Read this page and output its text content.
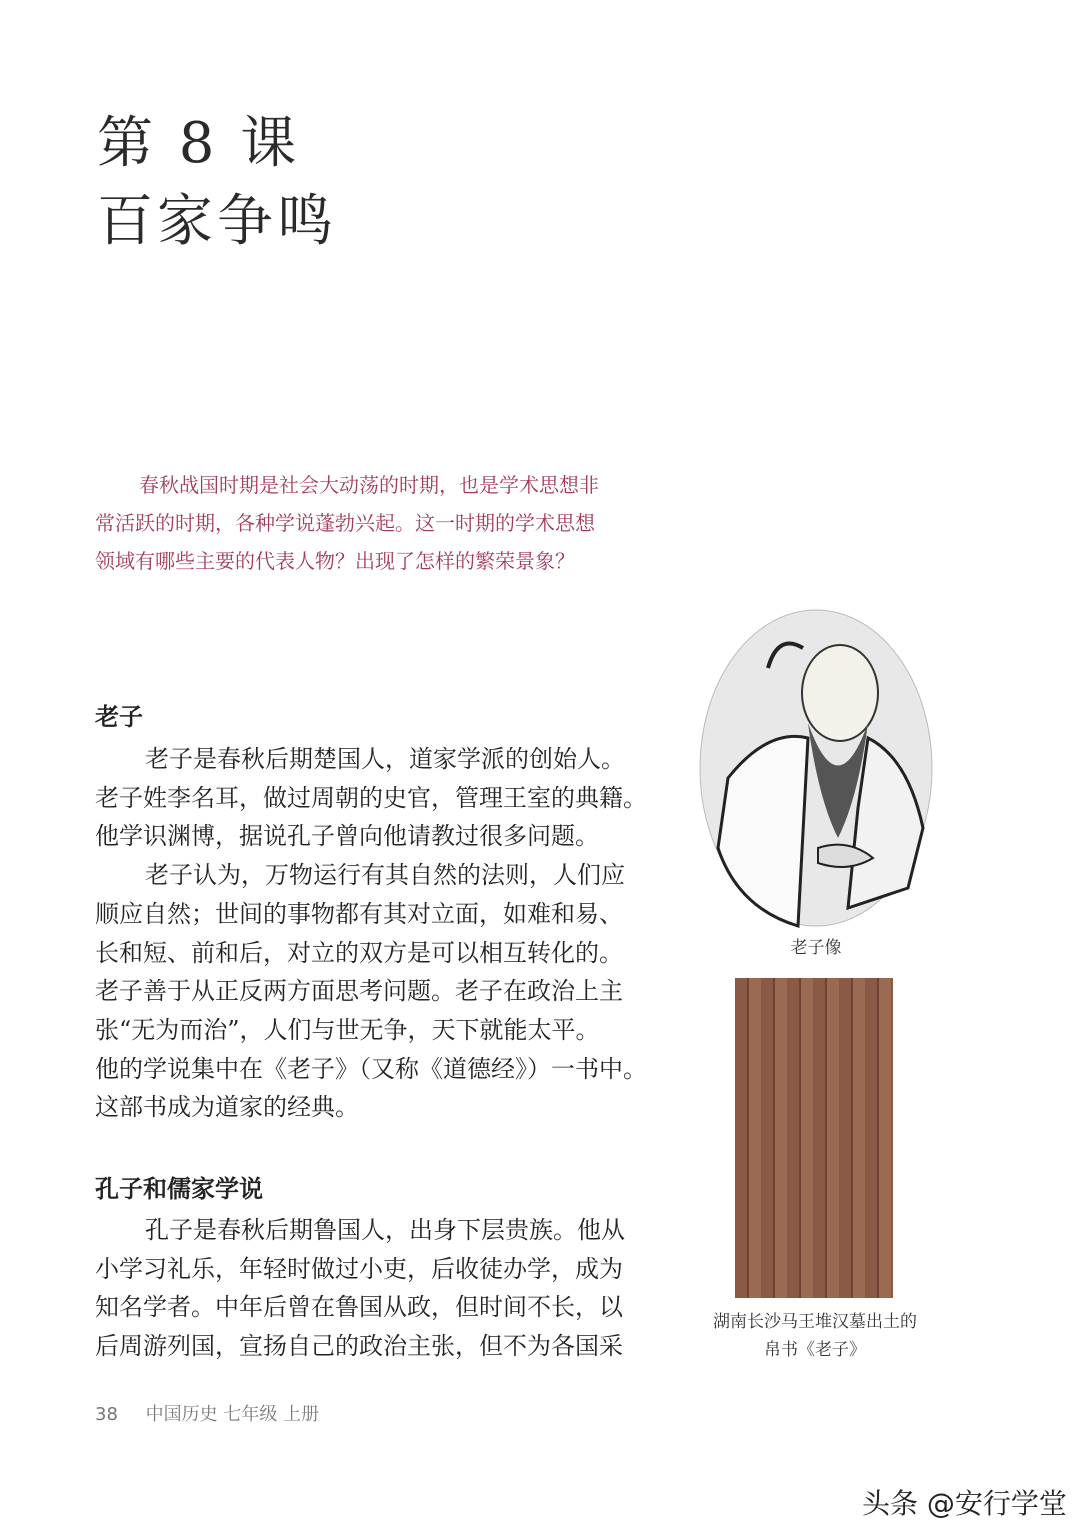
第 8 课
百家争鸣
春秋战国时期是社会大动荡的时期，也是学术思想非
常活跃的时期，各种学说蓬勃兴起。这一时期的学术思想
领域有哪些主要的代表人物？出现了怎样的繁荣景象？
老子
老子是春秋后期楚国人，道家学派的创始人。
老子姓李名耳，做过周朝的史官，管理王室的典籍。
他学识渊博，据说孔子曾向他请教过很多问题。
老子认为，万物运行有其自然的法则，人们应
顺应自然；世间的事物都有其对立面，如难和易、
长和短、前和后，对立的双方是可以相互转化的。
老子善于从正反两方面思考问题。老子在政治上主
张“无为而治”，人们与世无争，天下就能太平。
他的学说集中在《老子》（又称《道德经》）一书中。
这部书成为道家的经典。
孔子和儒家学说
孔子是春秋后期鲁国人，出身下层贵族。他从
小学习礼乐，年轻时做过小吏，后收徒办学，成为
知名学者。中年后曾在鲁国从政，但时间不长，以
后周游列国，宣扬自己的政治主张，但不为各国采
老子像
湖南长沙马王堆汉墓出土的
帛书《老子》
38 中国历史 七年级 上册
头条 @安行学堂
